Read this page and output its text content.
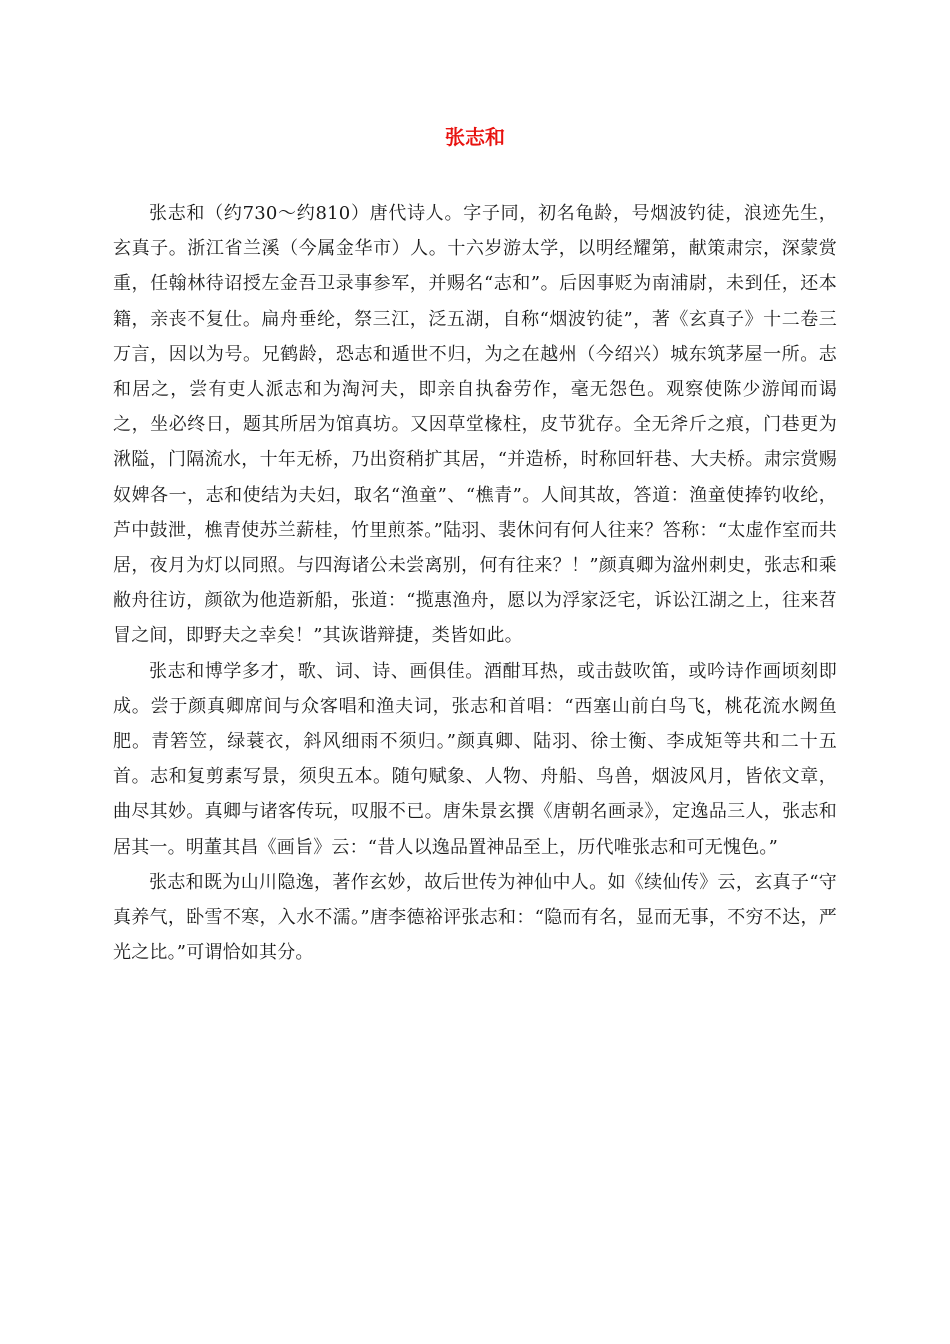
张志和

张志和（约730～约810）唐代诗人。字子同，初名龟龄，号烟波钓徒，浪迹先生，玄真子。浙江省兰溪（今属金华市）人。十六岁游太学，以明经耀第，献策肃宗，深蒙赏重，任翰林待诏授左金吾卫录事参军，并赐名“志和”。后因事贬为南浦尉，未到任，还本籍，亲丧不复仕。扁舟垂纶，祭三江，泛五湖，自称“烟波钓徒”，著《玄真子》十二卷三万言，因以为号。兄鹤龄，恐志和遁世不归，为之在越州（今绍兴）城东筑茅屋一所。志和居之，尝有吏人派志和为淘河夫，即亲自执畚劳作，毫无怨色。观察使陈少游闻而谒之，坐必终日，题其所居为馆真坊。又因草堂椽柱，皮节犹存。全无斧斤之痕，门巷更为湫隘，门隔流水，十年无桥，乃出资稍扩其居，“并造桥，时称回轩巷、大夫桥。肃宗赏赐奴婢各一，志和使结为夫妇，取名“渔童”、“樵青”。人间其故，答道：渔童使捧钓收纶，芦中鼓泄，樵青使苏兰薪桂，竹里煎茶。”陆羽、裴休问有何人往来？答称：“太虚作室而共居，夜月为灯以同照。与四海诸公未尝离别，何有往来？！”颜真卿为湓州刺史，张志和乘敝舟往访，颜欲为他造新船，张道：“揽惠渔舟，愿以为浮家泛宅，诉讼江湖之上，往来苕冒之间，即野夫之幸矣！”其诙谐辩捷，类皆如此。

张志和博学多才，歌、词、诗、画俱佳。酒酣耳热，或击鼓吹笛，或吟诗作画顷刻即成。尝于颜真卿席间与众客唱和渔夫词，张志和首唱：“西塞山前白鸟飞，桃花流水阙鱼肥。青箬笠，绿蓑衣，斜风细雨不须归。”颜真卿、陆羽、徐士衡、李成矩等共和二十五首。志和复剪素写景，须臾五本。随句赋象、人物、舟船、鸟兽，烟波风月，皆依文章，曲尽其妙。真卿与诸客传玩，叹服不已。唐朱景玄撰《唐朝名画录》，定逸品三人，张志和居其一。明董其昌《画旨》云：“昔人以逸品置神品至上，历代唯张志和可无愧色。”

张志和既为山川隐逸，著作玄妙，故后世传为神仙中人。如《续仙传》云，玄真子“守真养气，卧雪不寒，入水不濡。”唐李德裕评张志和：“隐而有名，显而无事，不穷不达，严光之比。”可谓恰如其分。
